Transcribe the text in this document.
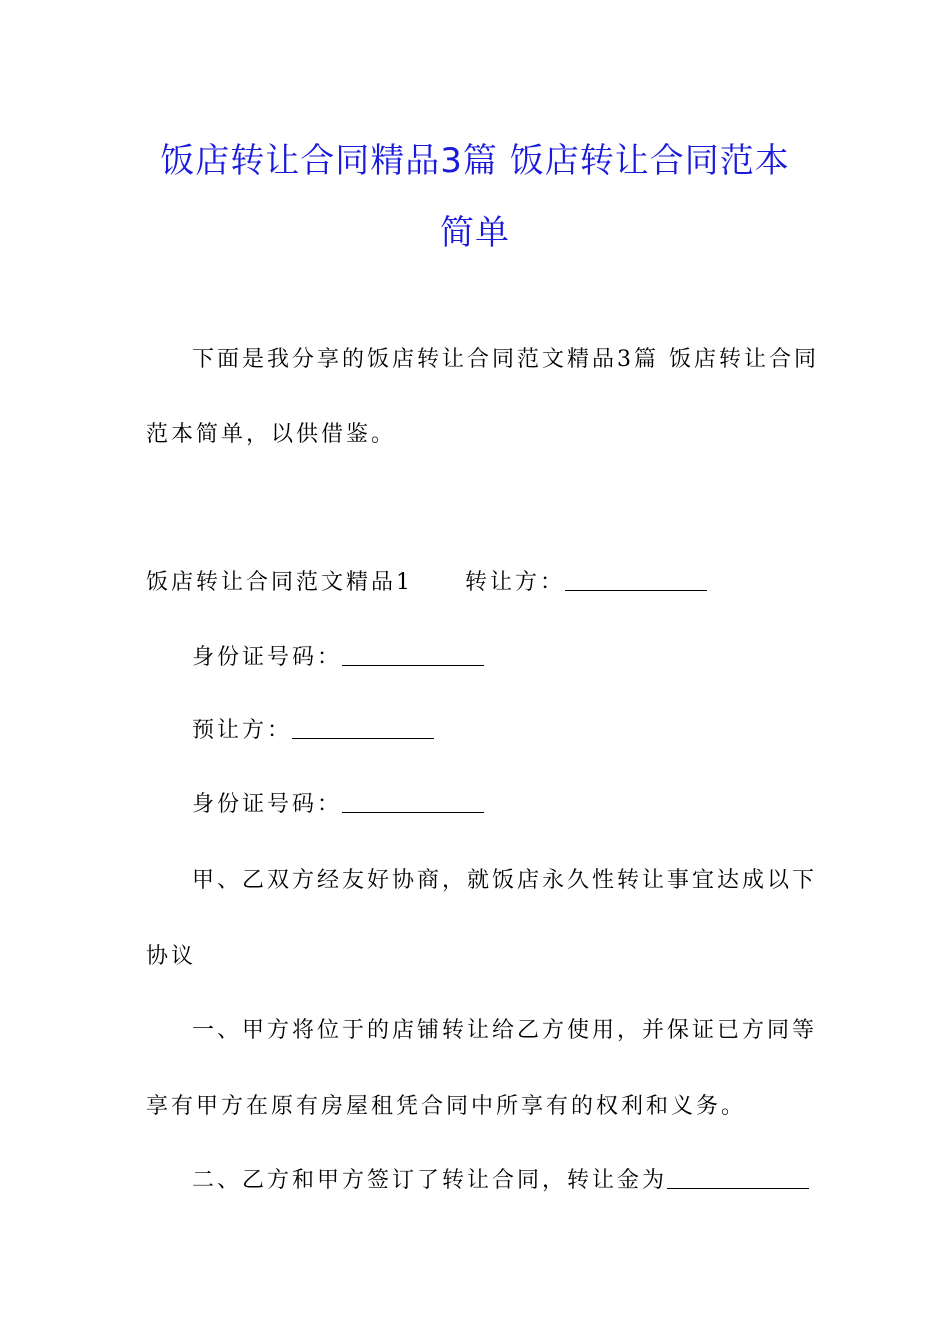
饭店转让合同精品3篇 饭店转让合同范本
简单
下面是我分享的饭店转让合同范文精品3篇 饭店转让合同
范本简单，以供借鉴。
饭店转让合同范文精品1 转让方：
身份证号码：
预让方：
身份证号码：
甲、乙双方经友好协商，就饭店永久性转让事宜达成以下
协议
一、甲方将位于的店铺转让给乙方使用，并保证已方同等
享有甲方在原有房屋租凭合同中所享有的权利和义务。
二、乙方和甲方签订了转让合同，转让金为
